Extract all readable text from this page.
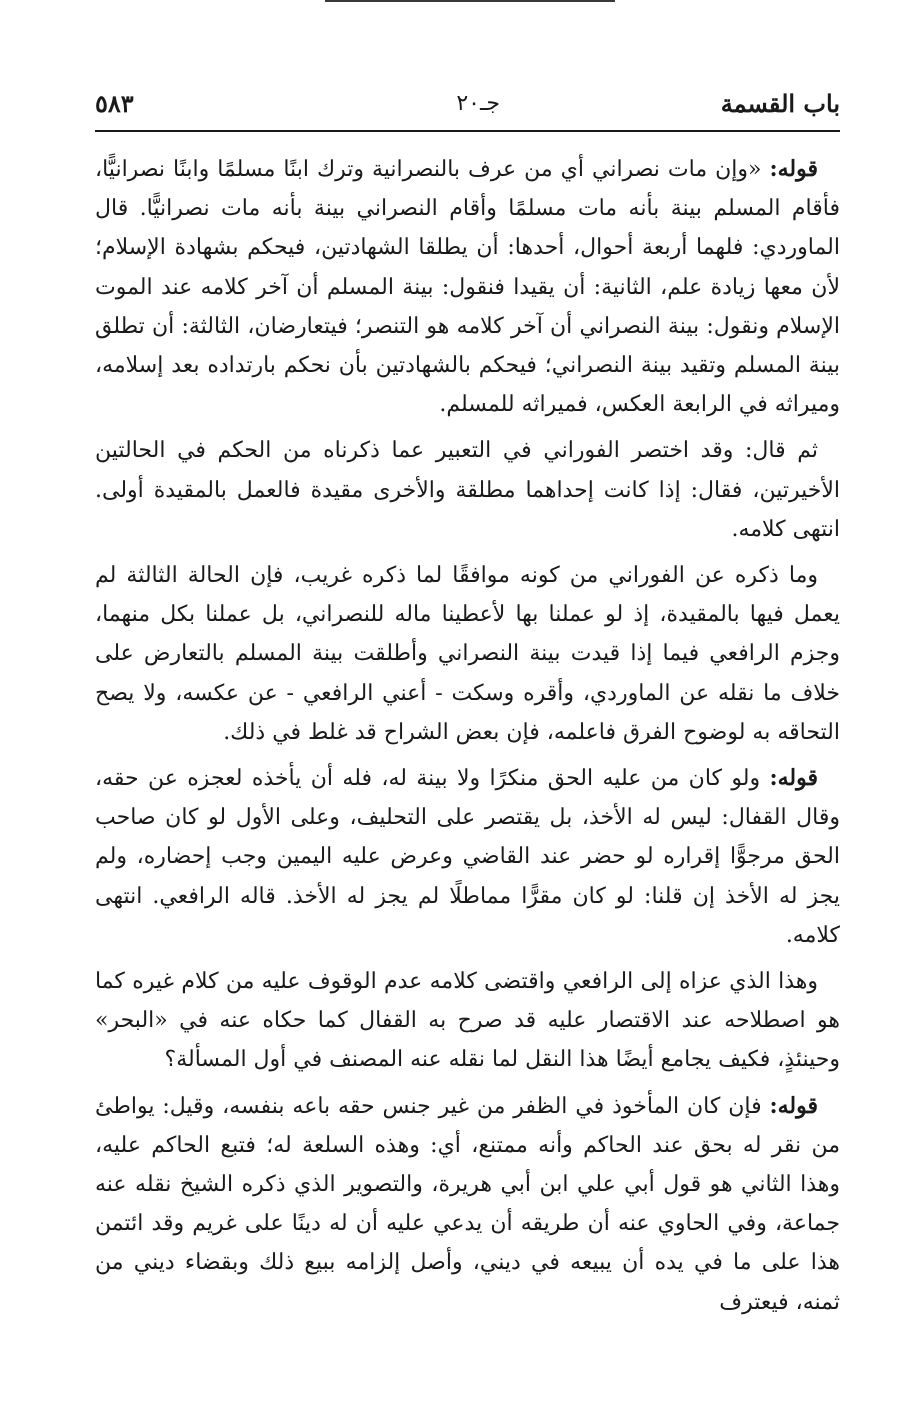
باب القسمة
جـ٢٠
٥٨٣

قوله: «وإن مات نصراني أي من عرف بالنصرانية وترك ابنًا مسلمًا وابنًا نصرانيًّا، فأقام المسلم بينة بأنه مات مسلمًا وأقام النصراني بينة بأنه مات نصرانيًّا. قال الماوردي: فلهما أربعة أحوال، أحدها: أن يطلقا الشهادتين، فيحكم بشهادة الإسلام؛ لأن معها زيادة علم، الثانية: أن يقيدا فنقول: بينة المسلم أن آخر كلامه عند الموت الإسلام ونقول: بينة النصراني أن آخر كلامه هو التنصر؛ فيتعارضان، الثالثة: أن تطلق بينة المسلم وتقيد بينة النصراني؛ فيحكم بالشهادتين بأن نحكم بارتداده بعد إسلامه، وميراثه في الرابعة العكس، فميراثه للمسلم.

ثم قال: وقد اختصر الفوراني في التعبير عما ذكرناه من الحكم في الحالتين الأخيرتين، فقال: إذا كانت إحداهما مطلقة والأخرى مقيدة فالعمل بالمقيدة أولى. انتهى كلامه.

وما ذكره عن الفوراني من كونه موافقًا لما ذكره غريب، فإن الحالة الثالثة لم يعمل فيها بالمقيدة، إذ لو عملنا بها لأعطينا ماله للنصراني، بل عملنا بكل منهما، وجزم الرافعي فيما إذا قيدت بينة النصراني وأطلقت بينة المسلم بالتعارض على خلاف ما نقله عن الماوردي، وأقره وسكت - أعني الرافعي - عن عكسه، ولا يصح التحاقه به لوضوح الفرق فاعلمه، فإن بعض الشراح قد غلط في ذلك.

قوله: ولو كان من عليه الحق منكرًا ولا بينة له، فله أن يأخذه لعجزه عن حقه، وقال القفال: ليس له الأخذ، بل يقتصر على التحليف، وعلى الأول لو كان صاحب الحق مرجوًّا إقراره لو حضر عند القاضي وعرض عليه اليمين وجب إحضاره، ولم يجز له الأخذ إن قلنا: لو كان مقرًّا مماطلًا لم يجز له الأخذ. قاله الرافعي. انتهى كلامه.

وهذا الذي عزاه إلى الرافعي واقتضى كلامه عدم الوقوف عليه من كلام غيره كما هو اصطلاحه عند الاقتصار عليه قد صرح به القفال كما حكاه عنه في «البحر» وحينئذٍ، فكيف يجامع أيضًا هذا النقل لما نقله عنه المصنف في أول المسألة؟

قوله: فإن كان المأخوذ في الظفر من غير جنس حقه باعه بنفسه، وقيل: يواطئ من نقر له بحق عند الحاكم وأنه ممتنع، أي: وهذه السلعة له؛ فتبع الحاكم عليه، وهذا الثاني هو قول أبي علي ابن أبي هريرة، والتصوير الذي ذكره الشيخ نقله عنه جماعة، وفي الحاوي عنه أن طريقه أن يدعي عليه أن له دينًا على غريم وقد ائتمن هذا على ما في يده أن يبيعه في ديني، وأصل إلزامه ببيع ذلك وبقضاء ديني من ثمنه، فيعترف
